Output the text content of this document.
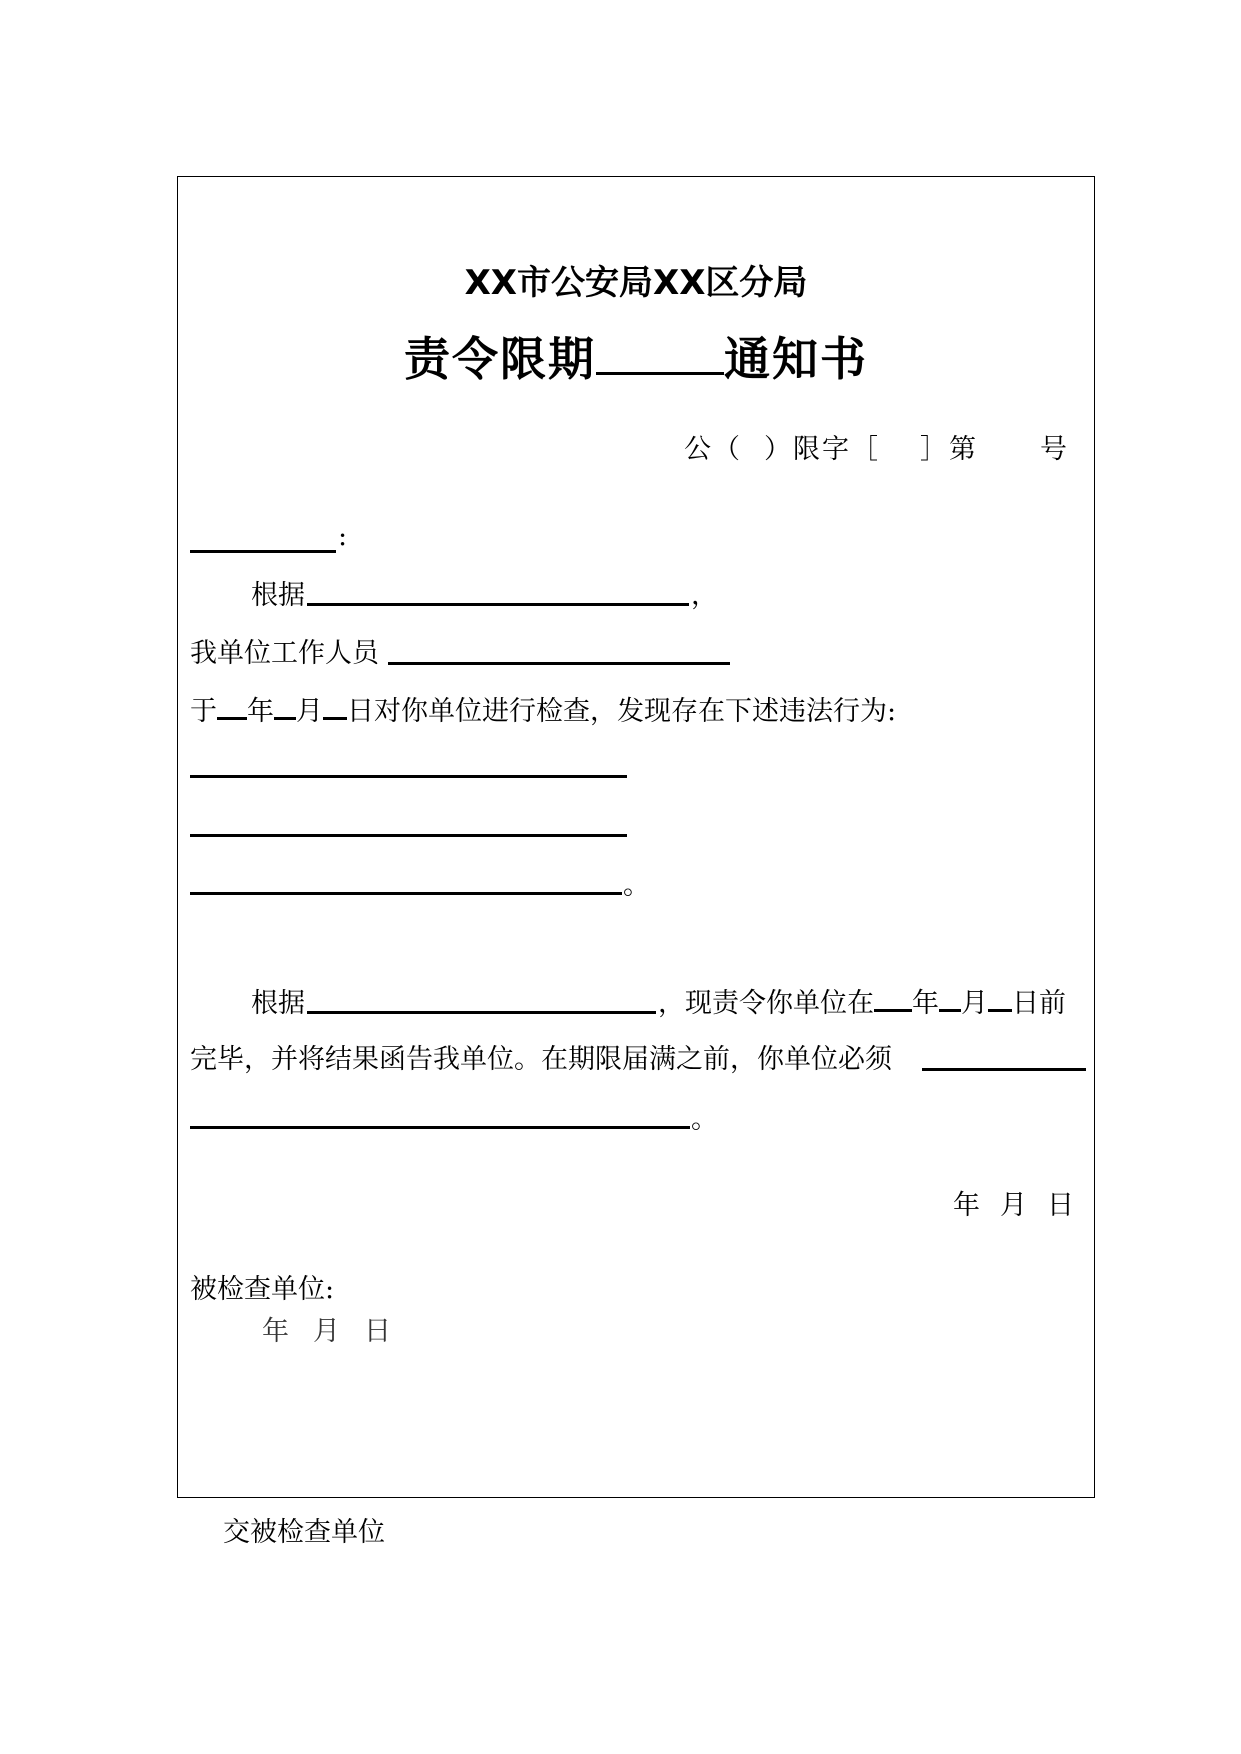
XX市公安局XX区分局
责令限期	通知书
公（ ）限字［ ］第 号
:
根据	，
我单位工作人员
于 年 月 日对你单位进行检查，发现存在下述违法行为:
。
根据	，现责令你单位在 年 月 日前
完毕，并将结果函告我单位。在期限届满之前，你单位必须
。
年 月 日
被检查单位:
年 月 日
交被检查单位
